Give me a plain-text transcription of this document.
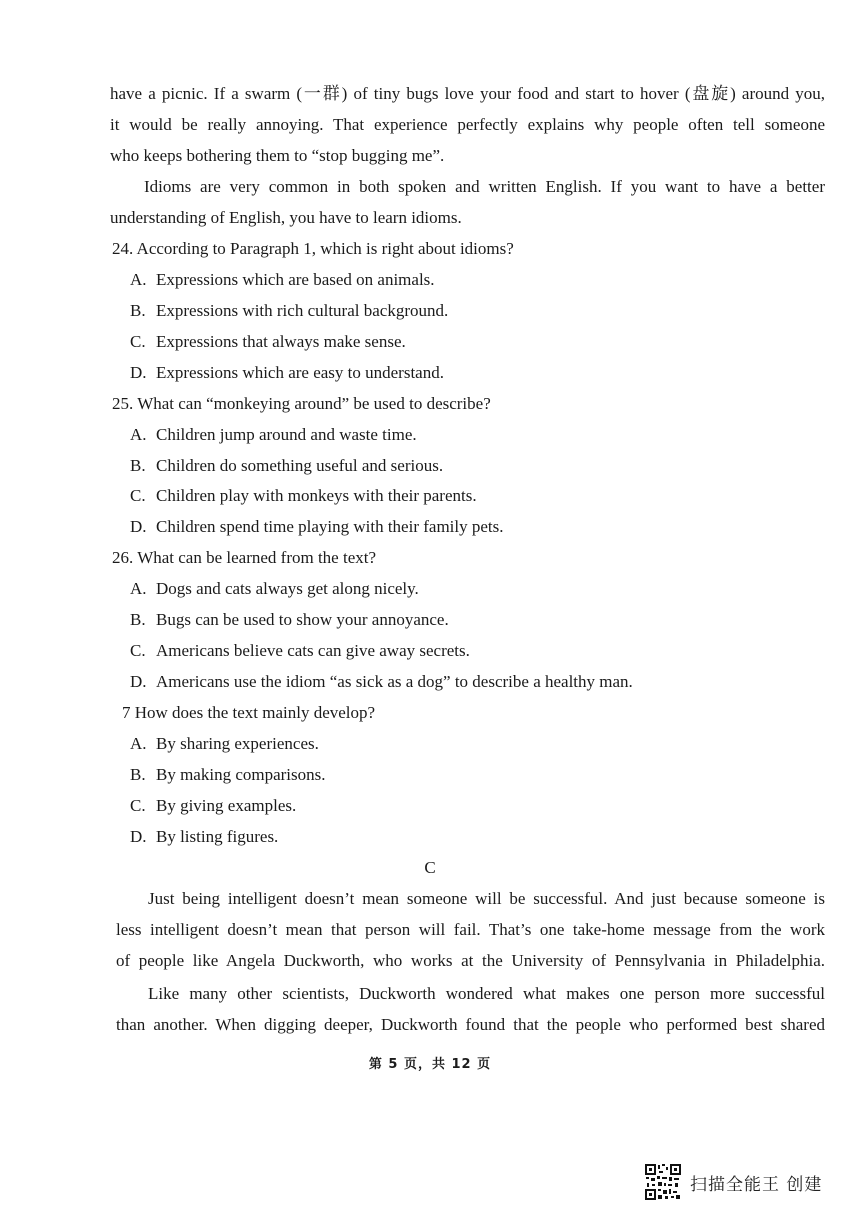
have a picnic. If a swarm (一群) of tiny bugs love your food and start to hover (盘旋) around you,
it would be really annoying. That experience perfectly explains why people often tell someone
who keeps bothering them to “stop bugging me”.
Idioms are very common in both spoken and written English. If you want to have a better
understanding of English, you have to learn idioms.
24. According to Paragraph 1, which is right about idioms?
A. Expressions which are based on animals.
B. Expressions with rich cultural background.
C. Expressions that always make sense.
D. Expressions which are easy to understand.
25. What can “monkeying around” be used to describe?
A. Children jump around and waste time.
B. Children do something useful and serious.
C. Children play with monkeys with their parents.
D. Children spend time playing with their family pets.
26. What can be learned from the text?
A. Dogs and cats always get along nicely.
B. Bugs can be used to show your annoyance.
C. Americans believe cats can give away secrets.
D. Americans use the idiom “as sick as a dog” to describe a healthy man.
7 How does the text mainly develop?
A. By sharing experiences.
B. By making comparisons.
C. By giving examples.
D. By listing figures.
C
Just being intelligent doesn’t mean someone will be successful. And just because someone is
less intelligent doesn’t mean that person will fail. That’s one take-home message from the work
of people like Angela Duckworth, who works at the University of Pennsylvania in Philadelphia.
Like many other scientists, Duckworth wondered what makes one person more successful
than another. When digging deeper, Duckworth found that the people who performed best shared
第 5 页，共 12 页
扫描全能王 创建
